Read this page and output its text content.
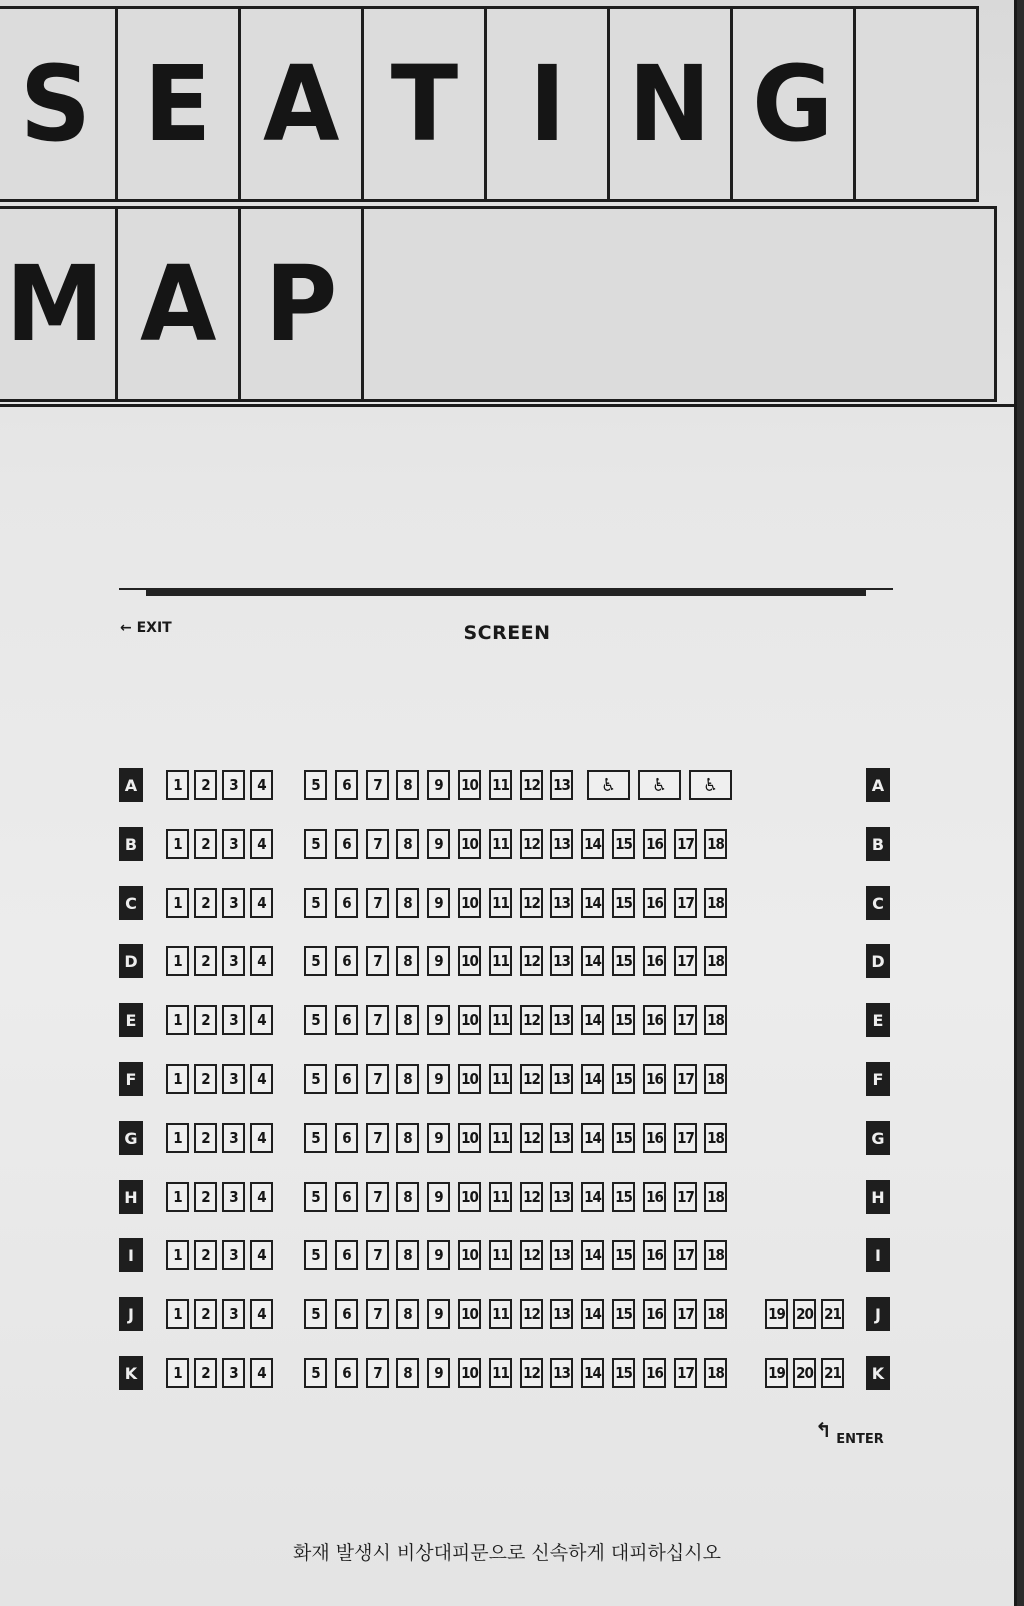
S E A T I N G
M A P
← EXIT	SCREEN
A	1	2	3	4	5	6	7	8	9	10 11 12 13	♿	♿	♿	A
B	1	2	3	4	5	6	7	8	9	10 11 12 13 14 15 16 17 18	B
C	1	2	3	4	5	6	7	8	9	10 11 12 13 14 15 16 17 18	C
D	1	2	3	4	5	6	7	8	9	10 11 12 13 14 15 16 17 18	D
E	1	2	3	4	5	6	7	8	9	10 11 12 13 14 15 16 17 18	E
F	1	2	3	4	5	6	7	8	9	10 11 12 13 14 15 16 17 18	F
G	1	2	3	4	5	6	7	8	9	10 11 12 13 14 15 16 17 18	G
H	1	2	3	4	5	6	7	8	9	10 11 12 13 14 15 16 17 18	H
I	1	2	3	4	5	6	7	8	9	10 11 12 13 14 15 16 17 18	I
J	1	2	3	4	5	6	7	8	9	10 11 12 13 14 15 16 17 18	19 20 21	J
K	1	2	3	4	5	6	7	8	9	10 11 12 13 14 15 16 17 18	19 20 21	K
↰ ENTER
화재 발생시 비상대피문으로 신속하게 대피하십시오
